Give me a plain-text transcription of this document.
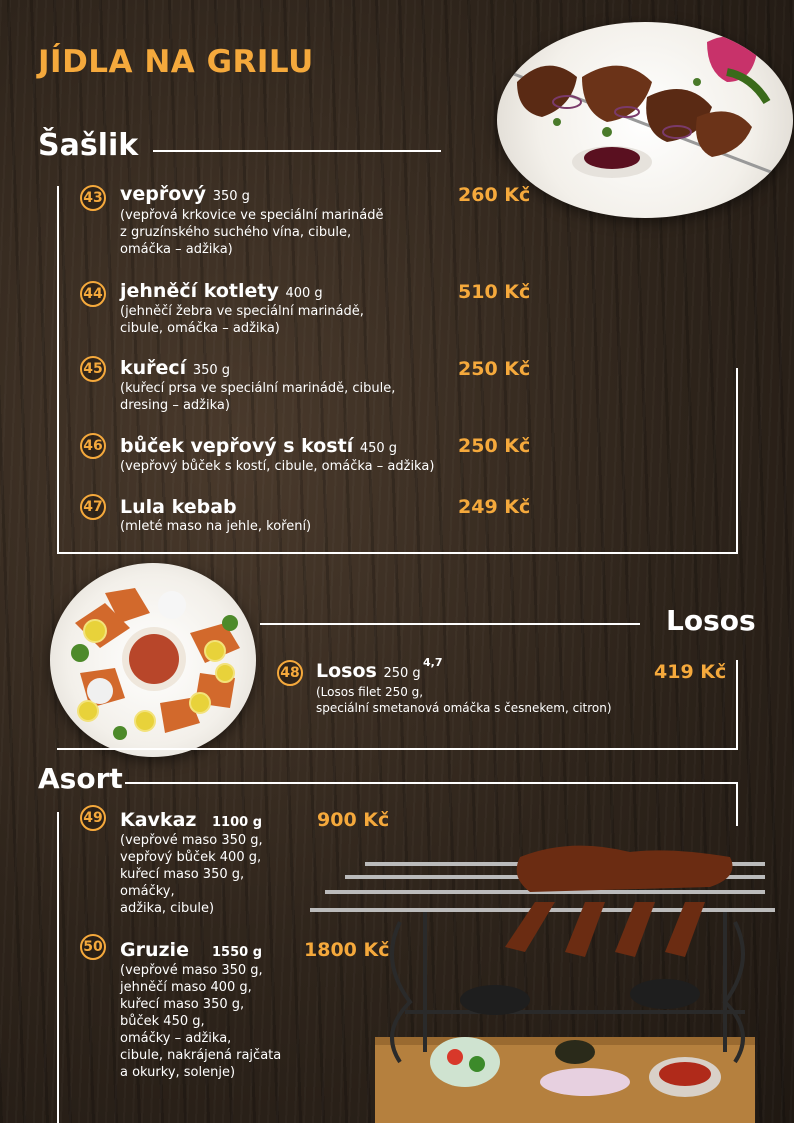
JÍDLA NA GRILU
Šašlik
43 vepřový 350 g
(vepřová krkovice ve speciální marinádě
z gruzínského suchého vína, cibule,
omáčka – adžika)
260 Kč
44 jehněčí kotlety 400 g
(jehněčí žebra ve speciální marinádě,
cibule, omáčka – adžika)
510 Kč
45 kuřecí 350 g
(kuřecí prsa ve speciální marinádě, cibule,
dresing – adžika)
250 Kč
46 bůček vepřový s kostí 450 g
(vepřový bůček s kostí, cibule, omáčka – adžika)
250 Kč
47 Lula kebab
(mleté maso na jehle, koření)
249 Kč
Losos
48 Losos 250 g
4,7
(Losos filet 250 g,
speciální smetanová omáčka s česnekem, citron)
419 Kč
Asort
49 Kavkaz 1100 g
(vepřové maso 350 g,
vepřový bůček 400 g,
kuřecí maso 350 g,
omáčky,
adžika, cibule)
900 Kč
50 Gruzie 1550 g
(vepřové maso 350 g,
jehněčí maso 400 g,
kuřecí maso 350 g,
bůček 450 g,
omáčky – adžika,
cibule, nakrájená rajčata
a okurky, solenje)
1800 Kč
